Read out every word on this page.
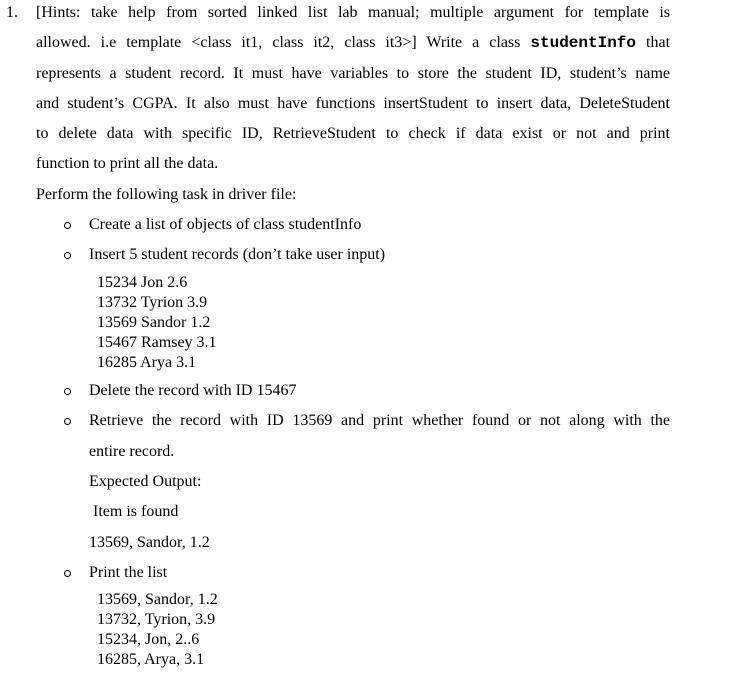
1. [Hints: take help from sorted linked list lab manual; multiple argument for template is
allowed. i.e template <class it1, class it2, class it3>] Write a class studentInfo that
represents a student record. It must have variables to store the student ID, student’s name
and student’s CGPA. It also must have functions insertStudent to insert data, DeleteStudent
to delete data with specific ID, RetrieveStudent to check if data exist or not and print
function to print all the data.
Perform the following task in driver file:
Create a list of objects of class studentInfo
Insert 5 student records (don’t take user input)
15234 Jon 2.6
13732 Tyrion 3.9
13569 Sandor 1.2
15467 Ramsey 3.1
16285 Arya 3.1
Delete the record with ID 15467
Retrieve the record with ID 13569 and print whether found or not along with the
entire record.
Expected Output:
Item is found
13569, Sandor, 1.2
Print the list
13569, Sandor, 1.2
13732, Tyrion, 3.9
15234, Jon, 2..6
16285, Arya, 3.1
